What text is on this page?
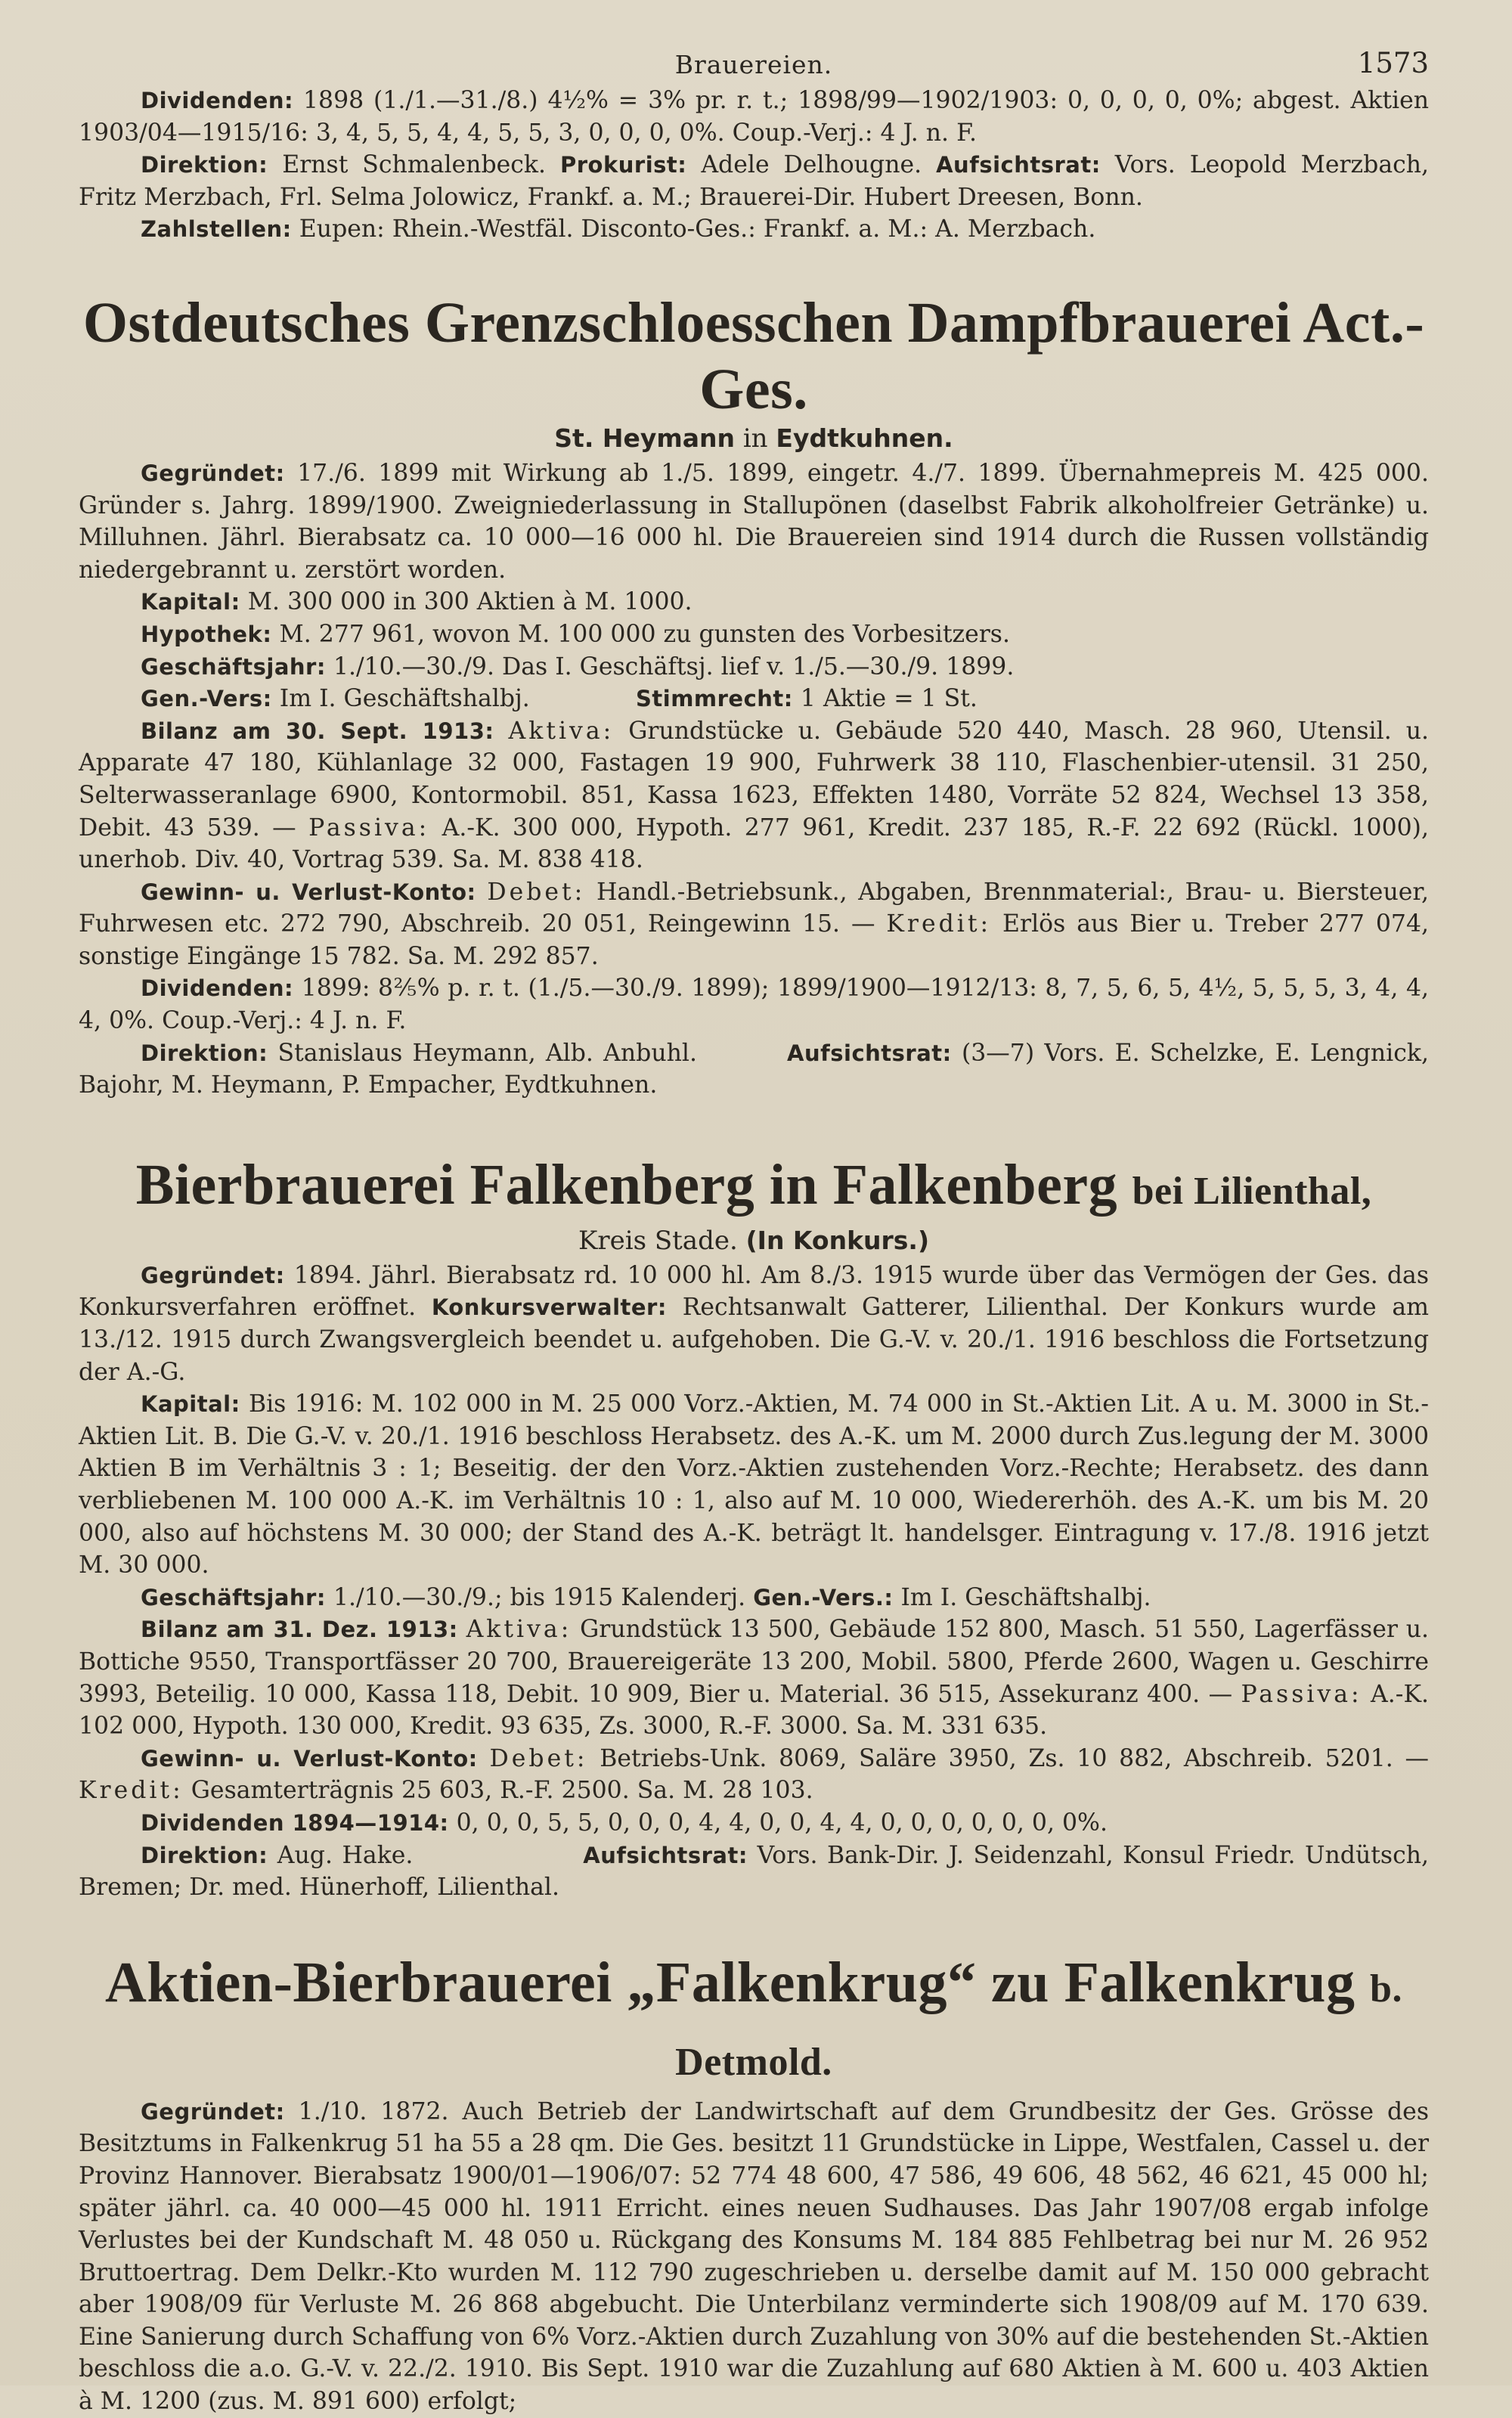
Brauereien.	1573

Dividenden: 1898 (1./1.—31./8.) 4½% = 3% pr. r. t.; 1898/99—1902/1903: 0, 0, 0, 0, 0%; abgest. Aktien 1903/04—1915/16: 3, 4, 5, 5, 4, 4, 5, 5, 3, 0, 0, 0, 0%. Coup.-Verj.: 4 J. n. F.

Direktion: Ernst Schmalenbeck. Prokurist: Adele Delhougne. Aufsichtsrat: Vors. Leopold Merzbach, Fritz Merzbach, Frl. Selma Jolowicz, Frankf. a. M.; Brauerei-Dir. Hubert Dreesen, Bonn.

Zahlstellen: Eupen: Rhein.-Westfäl. Disconto-Ges.: Frankf. a. M.: A. Merzbach.

Ostdeutsches Grenzschloesschen Dampfbrauerei Act.-Ges.
St. Heymann in Eydtkuhnen.

Gegründet: 17./6. 1899 mit Wirkung ab 1./5. 1899, eingetr. 4./7. 1899. Übernahmepreis M. 425 000. Gründer s. Jahrg. 1899/1900. Zweigniederlassung in Stallupönen (daselbst Fabrik alkoholfreier Getränke) u. Milluhnen. Jährl. Bierabsatz ca. 10 000—16 000 hl. Die Brauereien sind 1914 durch die Russen vollständig niedergebrannt u. zerstört worden.

Kapital: M. 300 000 in 300 Aktien à M. 1000.

Hypothek: M. 277 961, wovon M. 100 000 zu gunsten des Vorbesitzers.

Geschäftsjahr: 1./10.—30./9. Das I. Geschäftsj. lief v. 1./5.—30./9. 1899.

Gen.-Vers: Im I. Geschäftshalbj.	Stimmrecht: 1 Aktie = 1 St.

Bilanz am 30. Sept. 1913: Aktiva: Grundstücke u. Gebäude 520 440, Masch. 28 960, Utensil. u. Apparate 47 180, Kühlanlage 32 000, Fastagen 19 900, Fuhrwerk 38 110, Flaschenbier-utensil. 31 250, Selterwasseranlage 6900, Kontormobil. 851, Kassa 1623, Effekten 1480, Vorräte 52 824, Wechsel 13 358, Debit. 43 539. — Passiva: A.-K. 300 000, Hypoth. 277 961, Kredit. 237 185, R.-F. 22 692 (Rückl. 1000), unerhob. Div. 40, Vortrag 539. Sa. M. 838 418.

Gewinn- u. Verlust-Konto: Debet: Handl.-Betriebsunk., Abgaben, Brennmaterial:, Brau- u. Biersteuer, Fuhrwesen etc. 272 790, Abschreib. 20 051, Reingewinn 15. — Kredit: Erlös aus Bier u. Treber 277 074, sonstige Eingänge 15 782. Sa. M. 292 857.

Dividenden: 1899: 8⅖% p. r. t. (1./5.—30./9. 1899); 1899/1900—1912/13: 8, 7, 5, 6, 5, 4½, 5, 5, 5, 3, 4, 4, 4, 0%. Coup.-Verj.: 4 J. n. F.

Direktion: Stanislaus Heymann, Alb. Anbuhl.	Aufsichtsrat: (3—7) Vors. E. Schelzke, E. Lengnick, Bajohr, M. Heymann, P. Empacher, Eydtkuhnen.

Bierbrauerei Falkenberg in Falkenberg bei Lilienthal,
Kreis Stade. (In Konkurs.)

Gegründet: 1894. Jährl. Bierabsatz rd. 10 000 hl. Am 8./3. 1915 wurde über das Vermögen der Ges. das Konkursverfahren eröffnet. Konkursverwalter: Rechtsanwalt Gatterer, Lilienthal. Der Konkurs wurde am 13./12. 1915 durch Zwangsvergleich beendet u. aufgehoben. Die G.-V. v. 20./1. 1916 beschloss die Fortsetzung der A.-G.

Kapital: Bis 1916: M. 102 000 in M. 25 000 Vorz.-Aktien, M. 74 000 in St.-Aktien Lit. A u. M. 3000 in St.-Aktien Lit. B. Die G.-V. v. 20./1. 1916 beschloss Herabsetz. des A.-K. um M. 2000 durch Zus.legung der M. 3000 Aktien B im Verhältnis 3 : 1; Beseitig. der den Vorz.-Aktien zustehenden Vorz.-Rechte; Herabsetz. des dann verbliebenen M. 100 000 A.-K. im Verhältnis 10 : 1, also auf M. 10 000, Wiedererhöh. des A.-K. um bis M. 20 000, also auf höchstens M. 30 000; der Stand des A.-K. beträgt lt. handelsger. Eintragung v. 17./8. 1916 jetzt M. 30 000.

Geschäftsjahr: 1./10.—30./9.; bis 1915 Kalenderj. Gen.-Vers.: Im I. Geschäftshalbj.

Bilanz am 31. Dez. 1913: Aktiva: Grundstück 13 500, Gebäude 152 800, Masch. 51 550, Lagerfässer u. Bottiche 9550, Transportfässer 20 700, Brauereigeräte 13 200, Mobil. 5800, Pferde 2600, Wagen u. Geschirre 3993, Beteilig. 10 000, Kassa 118, Debit. 10 909, Bier u. Material. 36 515, Assekuranz 400. — Passiva: A.-K. 102 000, Hypoth. 130 000, Kredit. 93 635, Zs. 3000, R.-F. 3000. Sa. M. 331 635.

Gewinn- u. Verlust-Konto: Debet: Betriebs-Unk. 8069, Saläre 3950, Zs. 10 882, Abschreib. 5201. — Kredit: Gesamterträgnis 25 603, R.-F. 2500. Sa. M. 28 103.

Dividenden 1894—1914: 0, 0, 0, 5, 5, 0, 0, 0, 4, 4, 0, 0, 4, 4, 0, 0, 0, 0, 0, 0, 0%.

Direktion: Aug. Hake.	Aufsichtsrat: Vors. Bank-Dir. J. Seidenzahl, Konsul Friedr. Undütsch, Bremen; Dr. med. Hünerhoff, Lilienthal.

Aktien-Bierbrauerei „Falkenkrug“ zu Falkenkrug b. Detmold.

Gegründet: 1./10. 1872. Auch Betrieb der Landwirtschaft auf dem Grundbesitz der Ges. Grösse des Besitztums in Falkenkrug 51 ha 55 a 28 qm. Die Ges. besitzt 11 Grundstücke in Lippe, Westfalen, Cassel u. der Provinz Hannover. Bierabsatz 1900/01—1906/07: 52 774 48 600, 47 586, 49 606, 48 562, 46 621, 45 000 hl; später jährl. ca. 40 000—45 000 hl. 1911 Erricht. eines neuen Sudhauses. Das Jahr 1907/08 ergab infolge Verlustes bei der Kundschaft M. 48 050 u. Rückgang des Konsums M. 184 885 Fehlbetrag bei nur M. 26 952 Bruttoertrag. Dem Delkr.-Kto wurden M. 112 790 zugeschrieben u. derselbe damit auf M. 150 000 gebracht aber 1908/09 für Verluste M. 26 868 abgebucht. Die Unterbilanz verminderte sich 1908/09 auf M. 170 639. Eine Sanierung durch Schaffung von 6% Vorz.-Aktien durch Zuzahlung von 30% auf die bestehenden St.-Aktien beschloss die a.o. G.-V. v. 22./2. 1910. Bis Sept. 1910 war die Zuzahlung auf 680 Aktien à M. 600 u. 403 Aktien à M. 1200 (zus. M. 891 600) erfolgt;
